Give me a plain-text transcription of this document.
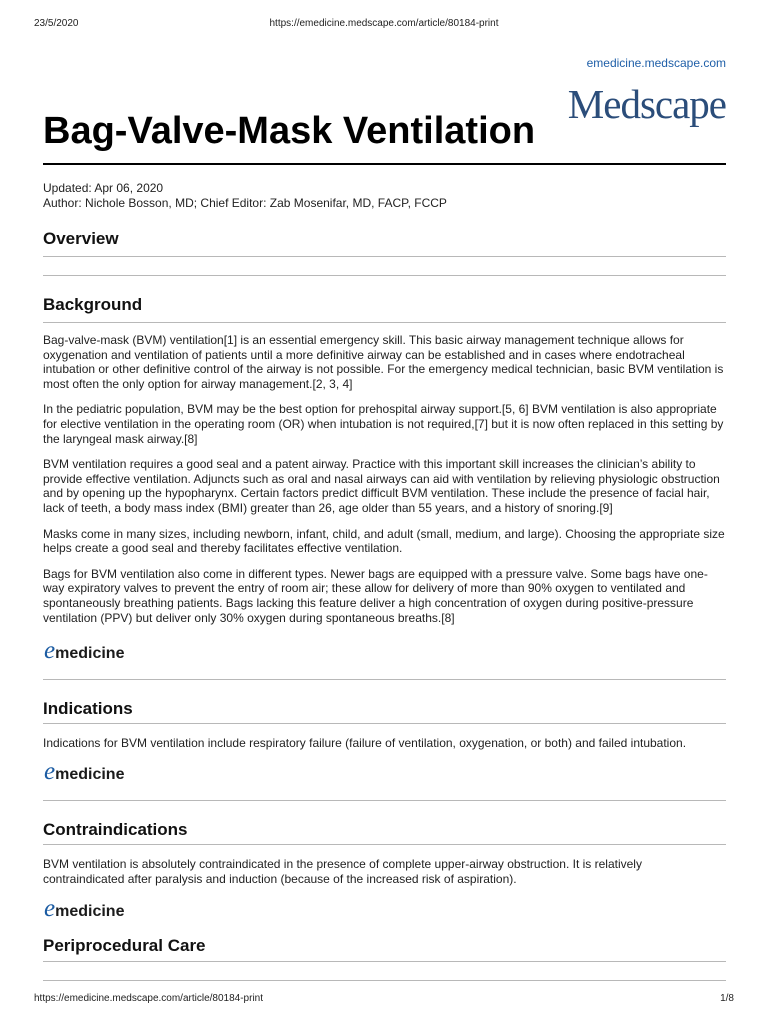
23/5/2020	https://emedicine.medscape.com/article/80184-print
emedicine.medscape.com
Medscape
Bag-Valve-Mask Ventilation
Updated: Apr 06, 2020
Author: Nichole Bosson, MD; Chief Editor: Zab Mosenifar, MD, FACP, FCCP
Overview
Background

Bag-valve-mask (BVM) ventilation[1] is an essential emergency skill. This basic airway management technique allows for oxygenation and ventilation of patients until a more definitive airway can be established and in cases where endotracheal intubation or other definitive control of the airway is not possible. For the emergency medical technician, basic BVM ventilation is most often the only option for airway management.[2, 3, 4]

In the pediatric population, BVM may be the best option for prehospital airway support.[5, 6] BVM ventilation is also appropriate for elective ventilation in the operating room (OR) when intubation is not required,[7] but it is now often replaced in this setting by the laryngeal mask airway.[8]

BVM ventilation requires a good seal and a patent airway. Practice with this important skill increases the clinician’s ability to provide effective ventilation. Adjuncts such as oral and nasal airways can aid with ventilation by relieving physiologic obstruction and by opening up the hypopharynx. Certain factors predict difficult BVM ventilation. These include the presence of facial hair, lack of teeth, a body mass index (BMI) greater than 26, age older than 55 years, and a history of snoring.[9]

Masks come in many sizes, including newborn, infant, child, and adult (small, medium, and large). Choosing the appropriate size helps create a good seal and thereby facilitates effective ventilation.

Bags for BVM ventilation also come in different types. Newer bags are equipped with a pressure valve. Some bags have one-way expiratory valves to prevent the entry of room air; these allow for delivery of more than 90% oxygen to ventilated and spontaneously breathing patients. Bags lacking this feature deliver a high concentration of oxygen during positive-pressure ventilation (PPV) but deliver only 30% oxygen during spontaneous breaths.[8]

e medicine
Indications

Indications for BVM ventilation include respiratory failure (failure of ventilation, oxygenation, or both) and failed intubation.

e medicine
Contraindications

BVM ventilation is absolutely contraindicated in the presence of complete upper-airway obstruction. It is relatively contraindicated after paralysis and induction (because of the increased risk of aspiration).

e medicine
Periprocedural Care
https://emedicine.medscape.com/article/80184-print	1/8
